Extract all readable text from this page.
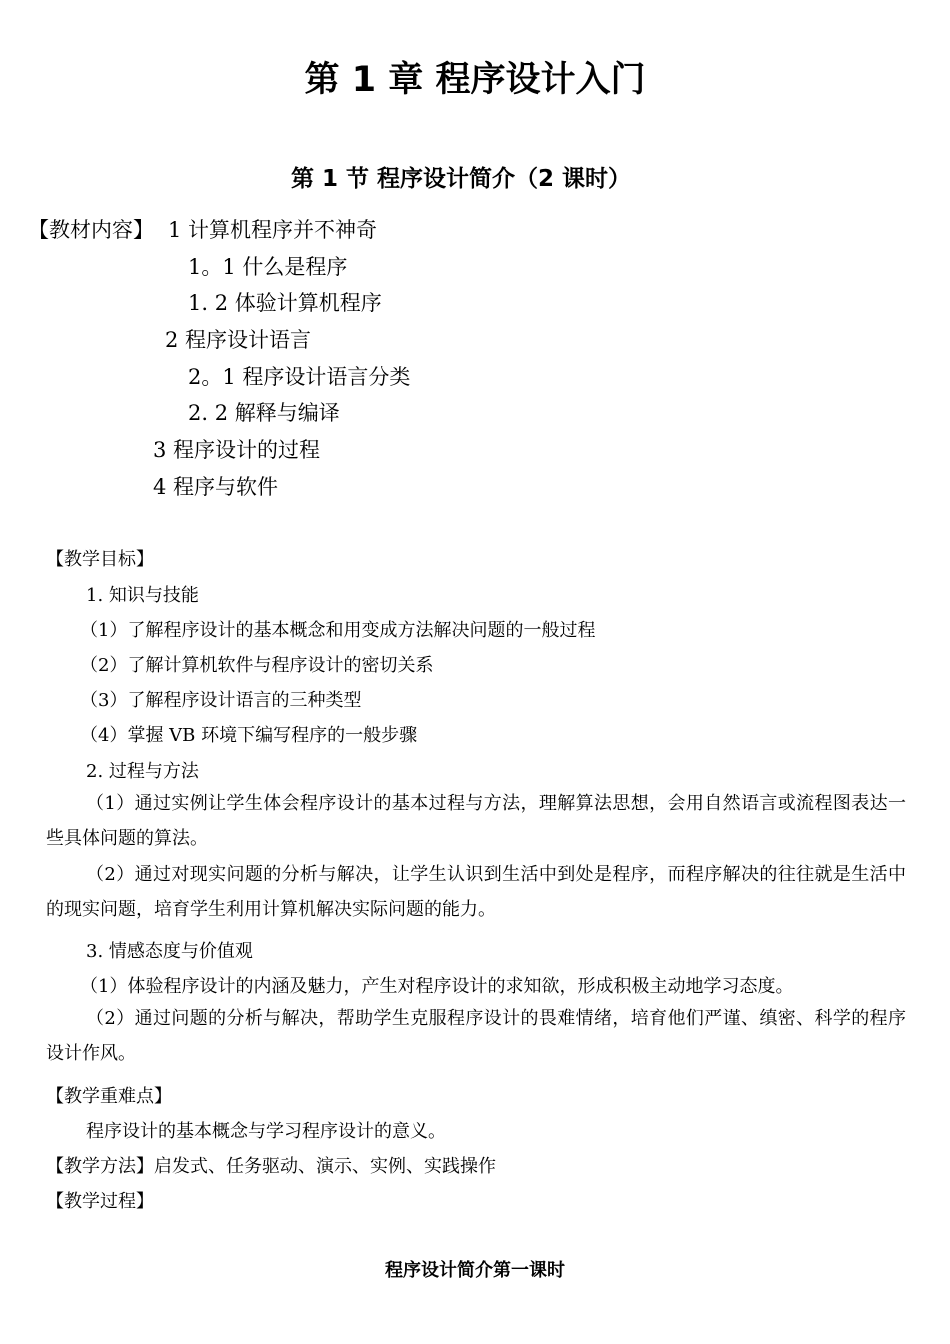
第 1 章 程序设计入门
第 1 节 程序设计简介（2 课时）
【教材内容】 1 计算机程序并不神奇
1。1 什么是程序
1. 2 体验计算机程序
2 程序设计语言
2。1 程序设计语言分类
2. 2 解释与编译
3 程序设计的过程
4 程序与软件
【教学目标】
1. 知识与技能
（1）了解程序设计的基本概念和用变成方法解决问题的一般过程
（2）了解计算机软件与程序设计的密切关系
（3）了解程序设计语言的三种类型
（4）掌握 VB 环境下编写程序的一般步骤
2. 过程与方法
（1）通过实例让学生体会程序设计的基本过程与方法，理解算法思想，会用自然语言或流程图表达一些具体问题的算法。
（2）通过对现实问题的分析与解决，让学生认识到生活中到处是程序，而程序解决的往往就是生活中的现实问题，培育学生利用计算机解决实际问题的能力。
3. 情感态度与价值观
（1）体验程序设计的内涵及魅力，产生对程序设计的求知欲，形成积极主动地学习态度。
（2）通过问题的分析与解决，帮助学生克服程序设计的畏难情绪，培育他们严谨、缜密、科学的程序设计作风。
【教学重难点】
程序设计的基本概念与学习程序设计的意义。
【教学方法】启发式、任务驱动、演示、实例、实践操作
【教学过程】
程序设计简介第一课时
